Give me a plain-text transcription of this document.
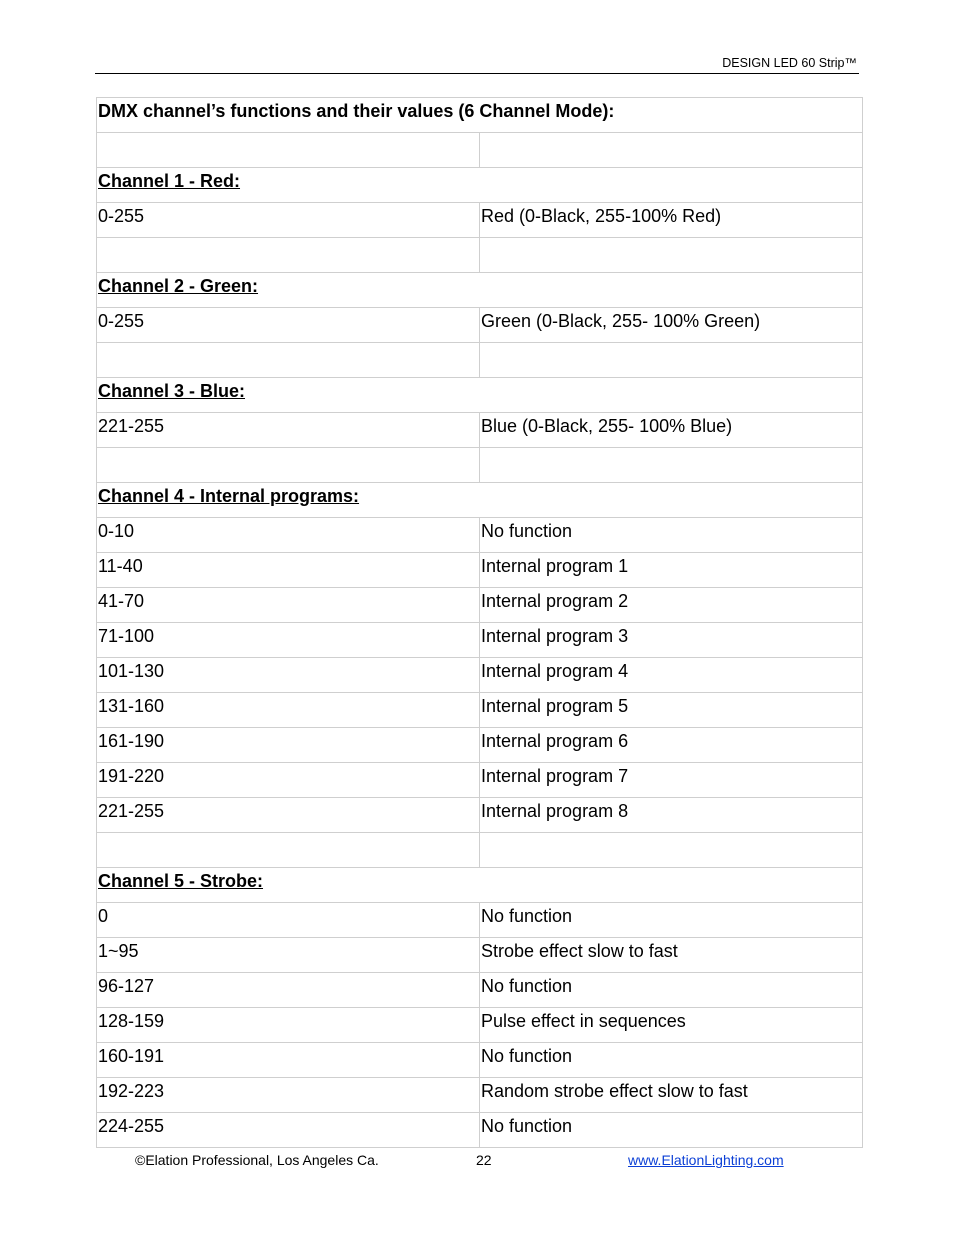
DESIGN LED 60 Strip™
DMX channel’s functions and their values (6 Channel Mode):	

Channel 1 - Red:	
0-255	Red (0-Black, 255-100% Red)

Channel 2 - Green:	
0-255	Green (0-Black, 255- 100% Green)

Channel 3 - Blue:	
221-255	Blue (0-Black, 255- 100% Blue)

Channel 4 - Internal programs:	
0-10	No function
11-40	Internal program 1
41-70	Internal program 2
71-100	Internal program 3
101-130	Internal program 4
131-160	Internal program 5
161-190	Internal program 6
191-220	Internal program 7
221-255	Internal program 8

Channel 5 - Strobe:	
0	No function
1~95	Strobe effect slow to fast
96-127	No function
128-159	Pulse effect in sequences
160-191	No function
192-223	Random strobe effect slow to fast
224-255	No function
©Elation Professional, Los Angeles Ca.	22	www.ElationLighting.com
